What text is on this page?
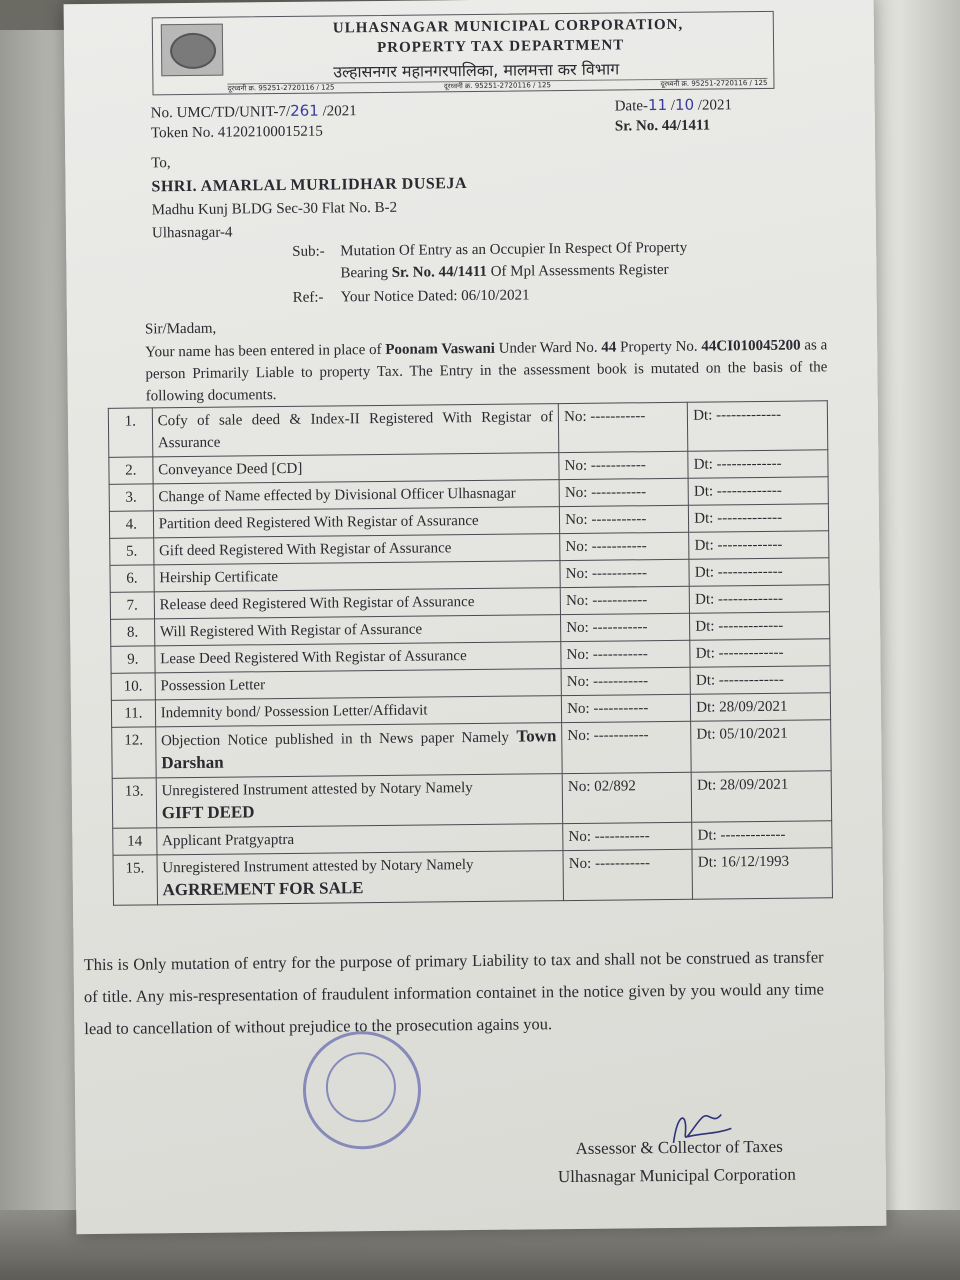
ULHASNAGAR MUNICIPAL CORPORATION,
PROPERTY TAX DEPARTMENT
उल्हासनगर महानगरपालिका, मालमत्ता कर विभाग
दूरध्वनी क्र. 95251-2720116 / 125	दूरध्वनी क्र. 95251-2720116 / 125	दूरध्वनी क्र. 95251-2720116 / 125
No. UMC/TD/UNIT-7/261 /2021
Token No. 41202100015215
Date-11 /10 /2021
Sr. No. 44/1411
To,
SHRI. AMARLAL MURLIDHAR DUSEJA
Madhu Kunj BLDG Sec-30 Flat No. B-2
Ulhasnagar-4
Sub:- Mutation Of Entry as an Occupier In Respect Of Property
Bearing Sr. No. 44/1411 Of Mpl Assessments Register
Ref:- Your Notice Dated: 06/10/2021
Sir/Madam,
Your name has been entered in place of Poonam Vaswani Under Ward No. 44 Property No. 44CI010045200 as a person Primarily Liable to property Tax. The Entry in the assessment book is mutated on the basis of the following documents.
1.	Cofy of sale deed & Index-II Registered With Registar of Assurance	No: -----------	Dt: -------------
2.	Conveyance Deed [CD]	No: -----------	Dt: -------------
3.	Change of Name effected by Divisional Officer Ulhasnagar	No: -----------	Dt: -------------
4.	Partition deed Registered With Registar of Assurance	No: -----------	Dt: -------------
5.	Gift deed Registered With Registar of Assurance	No: -----------	Dt: -------------
6.	Heirship Certificate	No: -----------	Dt: -------------
7.	Release deed Registered With Registar of Assurance	No: -----------	Dt: -------------
8.	Will Registered With Registar of Assurance	No: -----------	Dt: -------------
9.	Lease Deed Registered With Registar of Assurance	No: -----------	Dt: -------------
10.	Possession Letter	No: -----------	Dt: -------------
11.	Indemnity bond/ Possession Letter/Affidavit	No: -----------	Dt: 28/09/2021
12.	Objection Notice published in th News paper Namely Town Darshan	No: -----------	Dt: 05/10/2021
13.	Unregistered Instrument attested by Notary Namely
GIFT DEED	No: 02/892	Dt: 28/09/2021
14	Applicant Pratgyaptra	No: -----------	Dt: -------------
15.	Unregistered Instrument attested by Notary Namely
AGRREMENT FOR SALE	No: -----------	Dt: 16/12/1993
This is Only mutation of entry for the purpose of primary Liability to tax and shall not be construed as transfer of title. Any mis-respresentation of fraudulent information containet in the notice given by you would any time lead to cancellation of without prejudice to the prosecution agains you.
Assessor & Collector of Taxes
Ulhasnagar Municipal Corporation
